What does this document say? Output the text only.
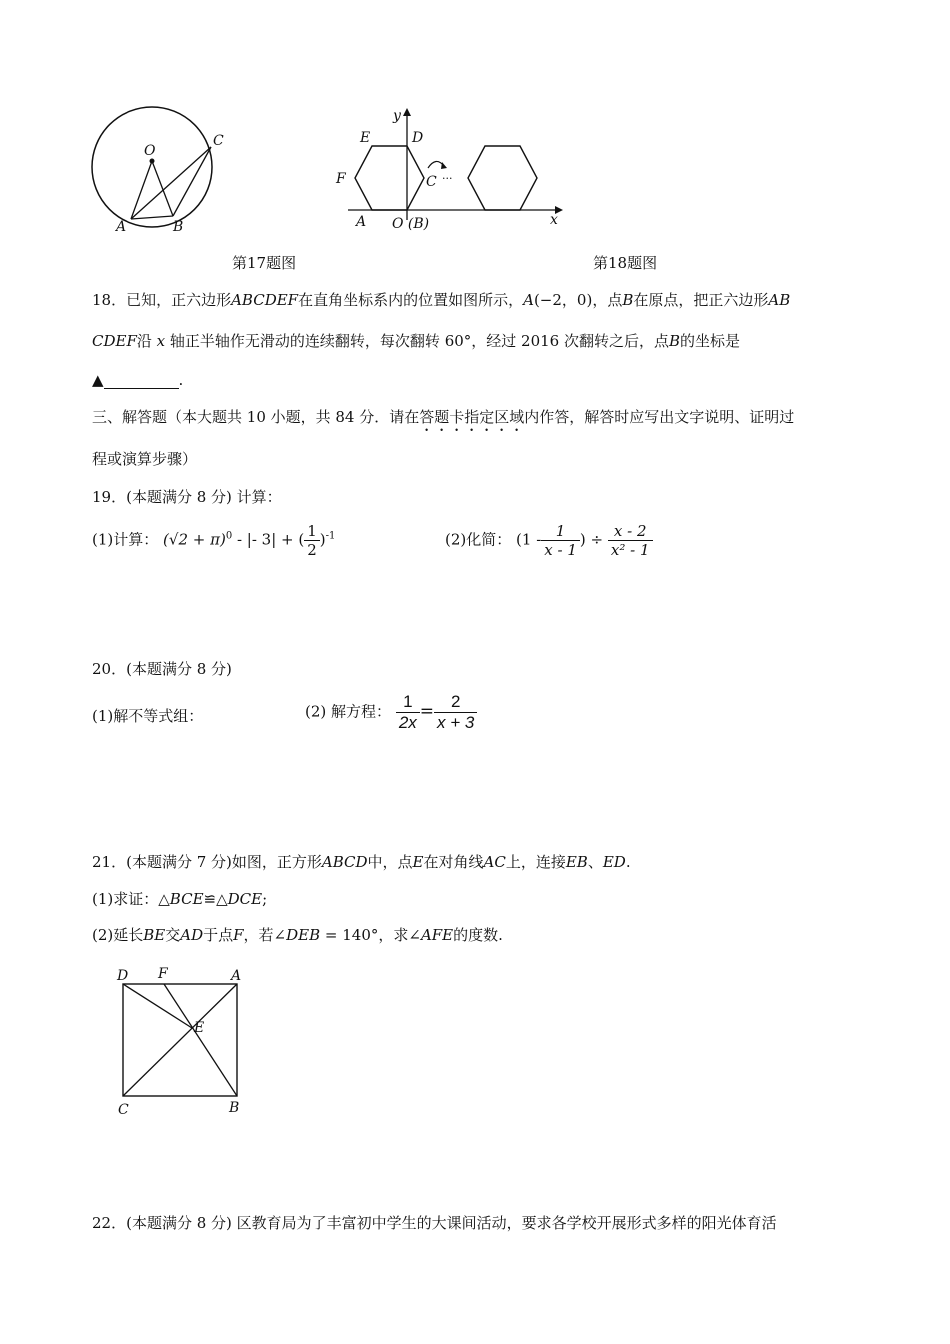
O
A	B
C
第17题图
y
x
E	D
F	C ···
A O (B)
第18题图
18．已知，正六边形ABCDEF在直角坐标系内的位置如图所示，A(−2，0)，点B在原点，把正六边形AB
CDEF沿 x 轴正半轴作无滑动的连续翻转，每次翻转 60°，经过 2016 次翻转之后，点B的坐标是
▲	.
三、解答题（本大题共 10 小题，共 84 分．请在答题卡指定区域内作答，解答时应写出文字说明、证明过
程或演算步骤）
19．(本题满分 8 分) 计算：
(1)计算： $(√2 + \pi)^0$ - |- 3| + ( $\frac{1}{2} )^{-1}$	(2)化简： ($1 - \frac{1}{x - 1}$ ) ÷ $\frac{x - 2}{\text{x² - 1}}$
20．(本题满分 8 分)
(1)解不等式组：	(2) 解方程： $\frac{1}{2x} = \frac{2}{x + 3}$
21．(本题满分 7 分)如图，正方形ABCD中，点E在对角线AC上，连接EB、ED.
(1)求证：△BCE≌△DCE;
(2)延长BE交AD于点F，若∠DEB = 140°，求∠AFE的度数.
D F	A
E
C	B
22．(本题满分 8 分) 区教育局为了丰富初中学生的大课间活动，要求各学校开展形式多样的阳光体育活
